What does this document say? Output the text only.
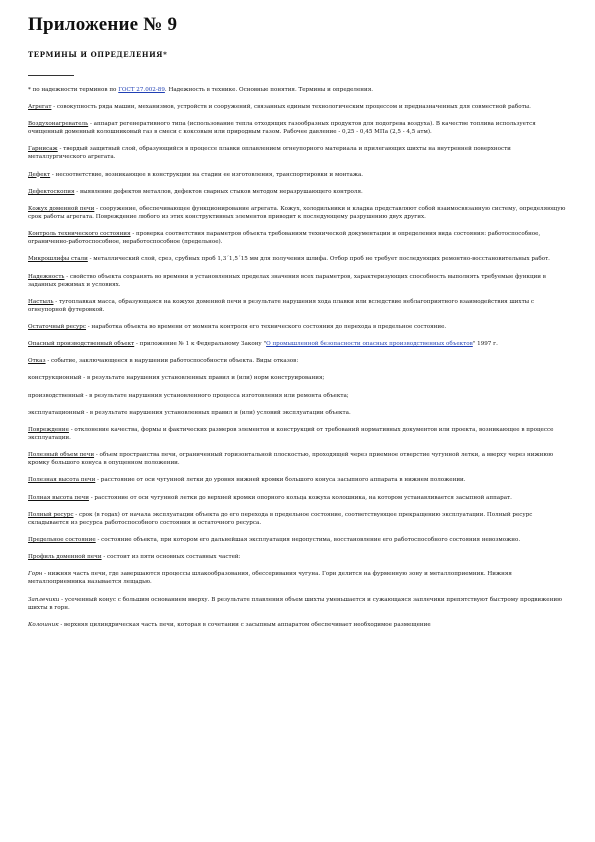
Приложение № 9
ТЕРМИНЫ И ОПРЕДЕЛЕНИЯ*
* по надежности терминов по ГОСТ 27.002-89. Надежность в технике. Основные понятия. Термины и определения.

Агрегат - совокупность ряда машин, механизмов, устройств и сооружений, связанных единым технологическим процессом и предназначенных для совместной работы.

Воздухонагреватель - аппарат регенеративного типа (использование тепла отходящих газообразных продуктов для подогрева воздуха). В качестве топлива используется очищенный доменный колошниковый газ в смеси с коксовым или природным газом. Рабочее давление - 0,25 - 0,45 МПа (2,5 - 4,5 атм).

Гарнисаж - твердый защитный слой, образующийся в процессе плавки оплавлением огнеупорного материала и прилегающих шихты на внутренней поверхности металлургического агрегата.

Дефект - несоответствие, возникающее в конструкции на стадии ее изготовления, транспортировки и монтажа.

Дефектоскопия - выявление дефектов металлов, дефектов сварных стыков методом неразрушающего контроля.

Кожух доменной печи - сооружение, обеспечивающее функционирование агрегата. Кожух, холодильники и кладка представляют собой взаимосвязанную систему, определяющую срок работы агрегата. Повреждение любого из этих конструктивных элементов приводит к последующему разрушению двух других.

Контроль технического состояния - проверка соответствия параметров объекта требованиям технической документации и определения вида состояния: работоспособное, ограниченно-работоспособное, неработоспособное (предельное).

Микрошлифы стали - металлический слой, срез, срубных проб 1,3´1,5´15 мм для получения шлифа. Отбор проб не требует последующих ремонтно-восстановительных работ.

Надежность - свойство объекта сохранять во времени в установленных пределах значения всех параметров, характеризующих способность выполнять требуемые функции в заданных режимах и условиях.

Настыль - тугоплавкая масса, образующаяся на кожухе доменной печи в результате нарушения хода плавки или вследствие неблагоприятного взаимодействия шихты с огнеупорной футеровкой.

Остаточный ресурс - наработка объекта во времени от момента контроля его технического состояния до перехода в предельное состояние.

Опасный производственный объект - приложение № 1 к Федеральному Закону "О промышленной безопасности опасных производственных объектов" 1997 г.

Отказ - событие, заключающееся в нарушении работоспособности объекта. Виды отказов:

конструкционный - в результате нарушения установленных правил и (или) норм конструирования;

производственный - в результате нарушения установленного процесса изготовления или ремонта объекта;

эксплуатационный - в результате нарушения установленных правил и (или) условий эксплуатации объекта.

Повреждение - отклонение качества, формы и фактических размеров элементов и конструкций от требований нормативных документов или проекта, возникающее в процессе эксплуатации.

Полезный объем печи - объем пространства печи, ограниченный горизонтальной плоскостью, проходящей через приемное отверстие чугунной летки, а вверху через нижнюю кромку большого конуса в опущенном положении.

Полезная высота печи - расстояние от оси чугунной летки до уровня нижней кромки большого конуса засыпного аппарата в нижнем положении.

Полная высота печи - расстояние от оси чугунной летки до верхней кромки опорного кольца кожуха колошника, на котором устанавливается засыпной аппарат.

Полный ресурс - срок (в годах) от начала эксплуатации объекта до его перехода в предельное состояние, соответствующее прекращению эксплуатации. Полный ресурс складывается из ресурса работоспособного состояния и остаточного ресурса.

Предельное состояние - состояние объекта, при котором его дальнейшая эксплуатация недопустима, восстановление его работоспособного состояния невозможно.

Профиль доменной печи - состоит из пяти основных составных частей:

Горн - нижняя часть печи, где завершаются процессы шлакообразования, обессеривания чугуна. Горн делится на фурменную зону и металлоприемник. Нижняя металлоприемника называется лещадью.

Заплечики - усеченный конус с большим основанием вверху. В результате плавления объем шихты уменьшается и сужающаяся заплечики препятствуют быстрому продвижению шихты в горн.

Колошник - верхняя цилиндрическая часть печи, которая в сочетании с засыпным аппаратом обеспечивает необходимое размещение
